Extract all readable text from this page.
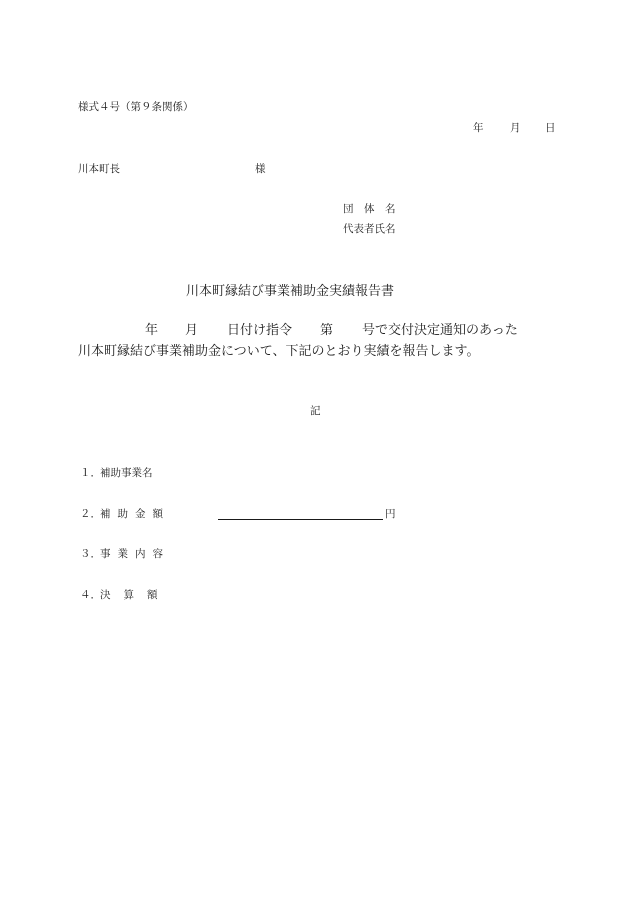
様式４号（第９条関係）
年	月 日
川本町長	様
団　体　名
代表者氏名
川本町縁結び事業補助金実績報告書
年 月 日付け指令 第 号で交付決定通知のあった
川本町縁結び事業補助金について、下記のとおり実績を報告します。
記
１． 補助事業名
２． 補助金額	円
３． 事業内容
４． 決算額
